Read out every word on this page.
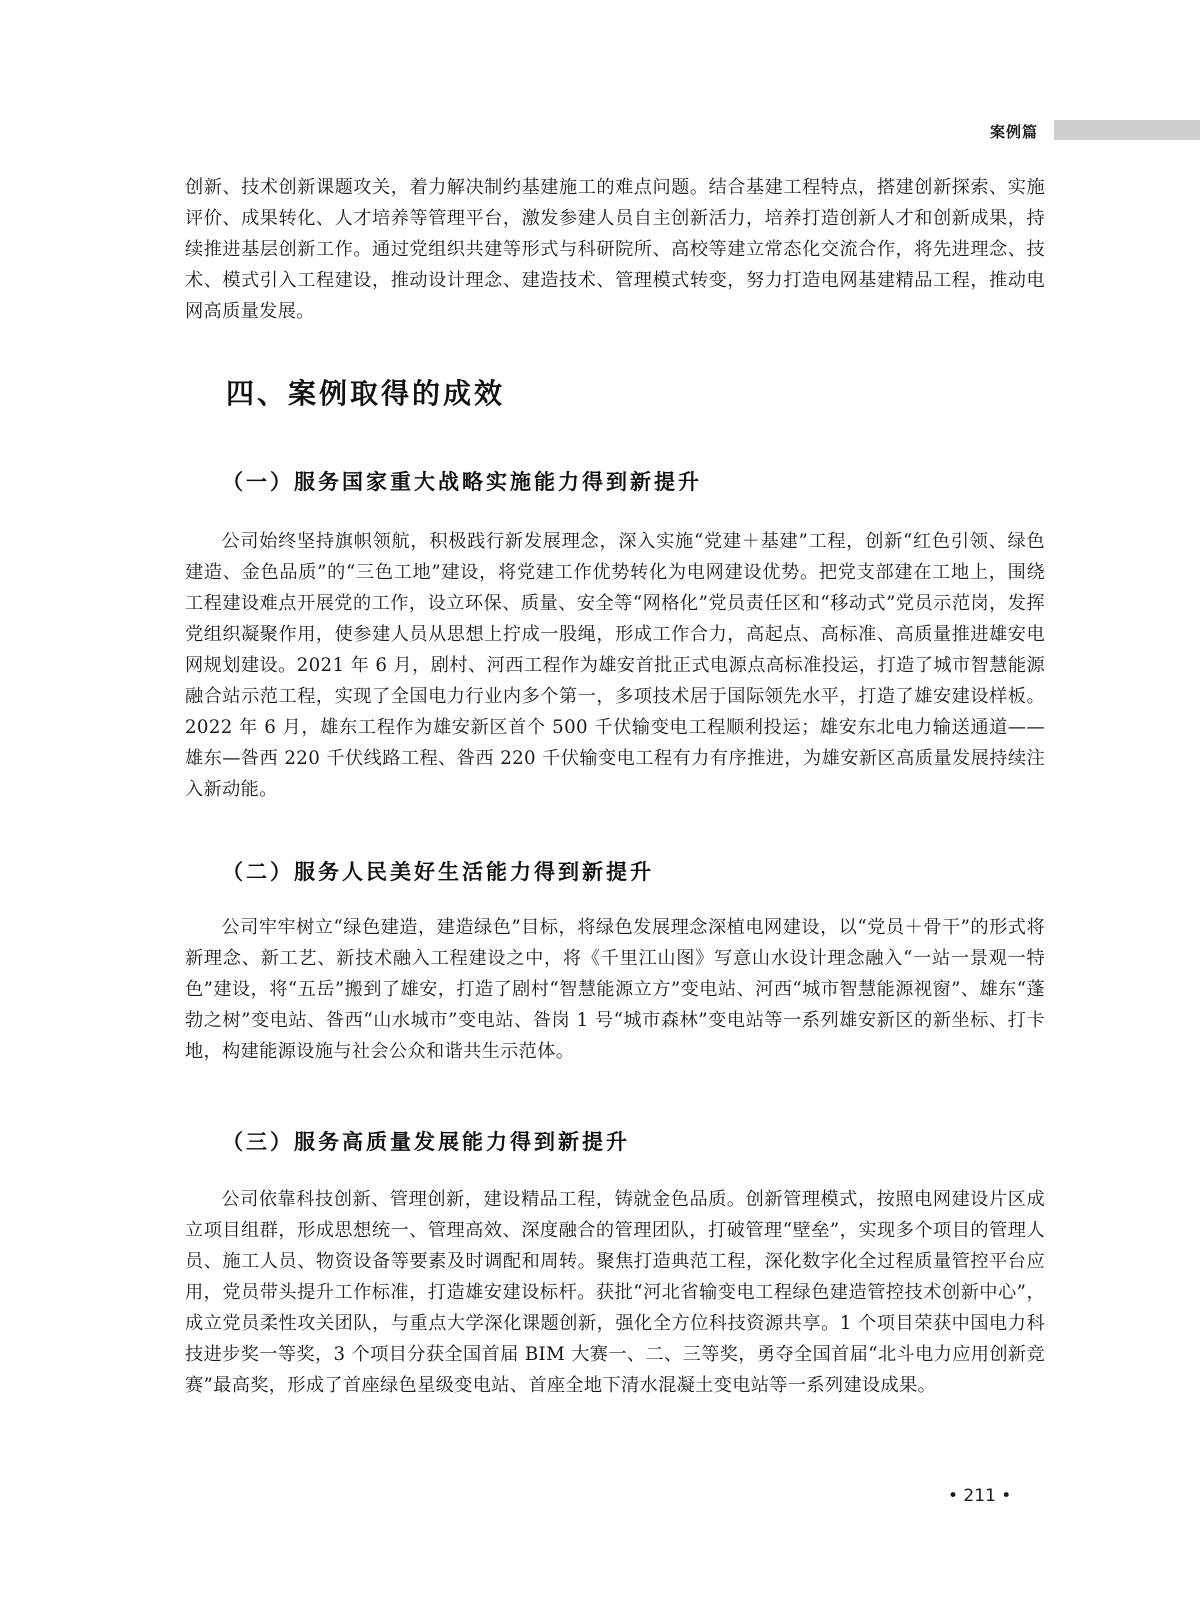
案例篇

创新、技术创新课题攻关，着力解决制约基建施工的难点问题。结合基建工程特点，搭建创新探索、实施评价、成果转化、人才培养等管理平台，激发参建人员自主创新活力，培养打造创新人才和创新成果，持续推进基层创新工作。通过党组织共建等形式与科研院所、高校等建立常态化交流合作，将先进理念、技术、模式引入工程建设，推动设计理念、建造技术、管理模式转变，努力打造电网基建精品工程，推动电网高质量发展。

四、案例取得的成效
（一）服务国家重大战略实施能力得到新提升

公司始终坚持旗帜领航，积极践行新发展理念，深入实施“党建＋基建”工程，创新“红色引领、绿色建造、金色品质”的“三色工地”建设，将党建工作优势转化为电网建设优势。把党支部建在工地上，围绕工程建设难点开展党的工作，设立环保、质量、安全等“网格化”党员责任区和“移动式”党员示范岗，发挥党组织凝聚作用，使参建人员从思想上拧成一股绳，形成工作合力，高起点、高标准、高质量推进雄安电网规划建设。2021 年 6 月，剧村、河西工程作为雄安首批正式电源点高标准投运，打造了城市智慧能源融合站示范工程，实现了全国电力行业内多个第一，多项技术居于国际领先水平，打造了雄安建设样板。2022 年 6 月，雄东工程作为雄安新区首个 500 千伏输变电工程顺利投运；雄安东北电力输送通道——雄东—昝西 220 千伏线路工程、昝西 220 千伏输变电工程有力有序推进，为雄安新区高质量发展持续注入新动能。

（二）服务人民美好生活能力得到新提升

公司牢牢树立“绿色建造，建造绿色”目标，将绿色发展理念深植电网建设，以“党员＋骨干”的形式将新理念、新工艺、新技术融入工程建设之中，将《千里江山图》写意山水设计理念融入“一站一景观一特色”建设，将“五岳”搬到了雄安，打造了剧村“智慧能源立方”变电站、河西“城市智慧能源视窗”、雄东“蓬勃之树”变电站、昝西“山水城市”变电站、昝岗 1 号“城市森林”变电站等一系列雄安新区的新坐标、打卡地，构建能源设施与社会公众和谐共生示范体。

（三）服务高质量发展能力得到新提升

公司依靠科技创新、管理创新，建设精品工程，铸就金色品质。创新管理模式，按照电网建设片区成立项目组群，形成思想统一、管理高效、深度融合的管理团队，打破管理“壁垒”，实现多个项目的管理人员、施工人员、物资设备等要素及时调配和周转。聚焦打造典范工程，深化数字化全过程质量管控平台应用，党员带头提升工作标准，打造雄安建设标杆。获批“河北省输变电工程绿色建造管控技术创新中心”，成立党员柔性攻关团队，与重点大学深化课题创新，强化全方位科技资源共享。1 个项目荣获中国电力科技进步奖一等奖，3 个项目分获全国首届 BIM 大赛一、二、三等奖，勇夺全国首届“北斗电力应用创新竞赛”最高奖，形成了首座绿色星级变电站、首座全地下清水混凝土变电站等一系列建设成果。

• 211 •
